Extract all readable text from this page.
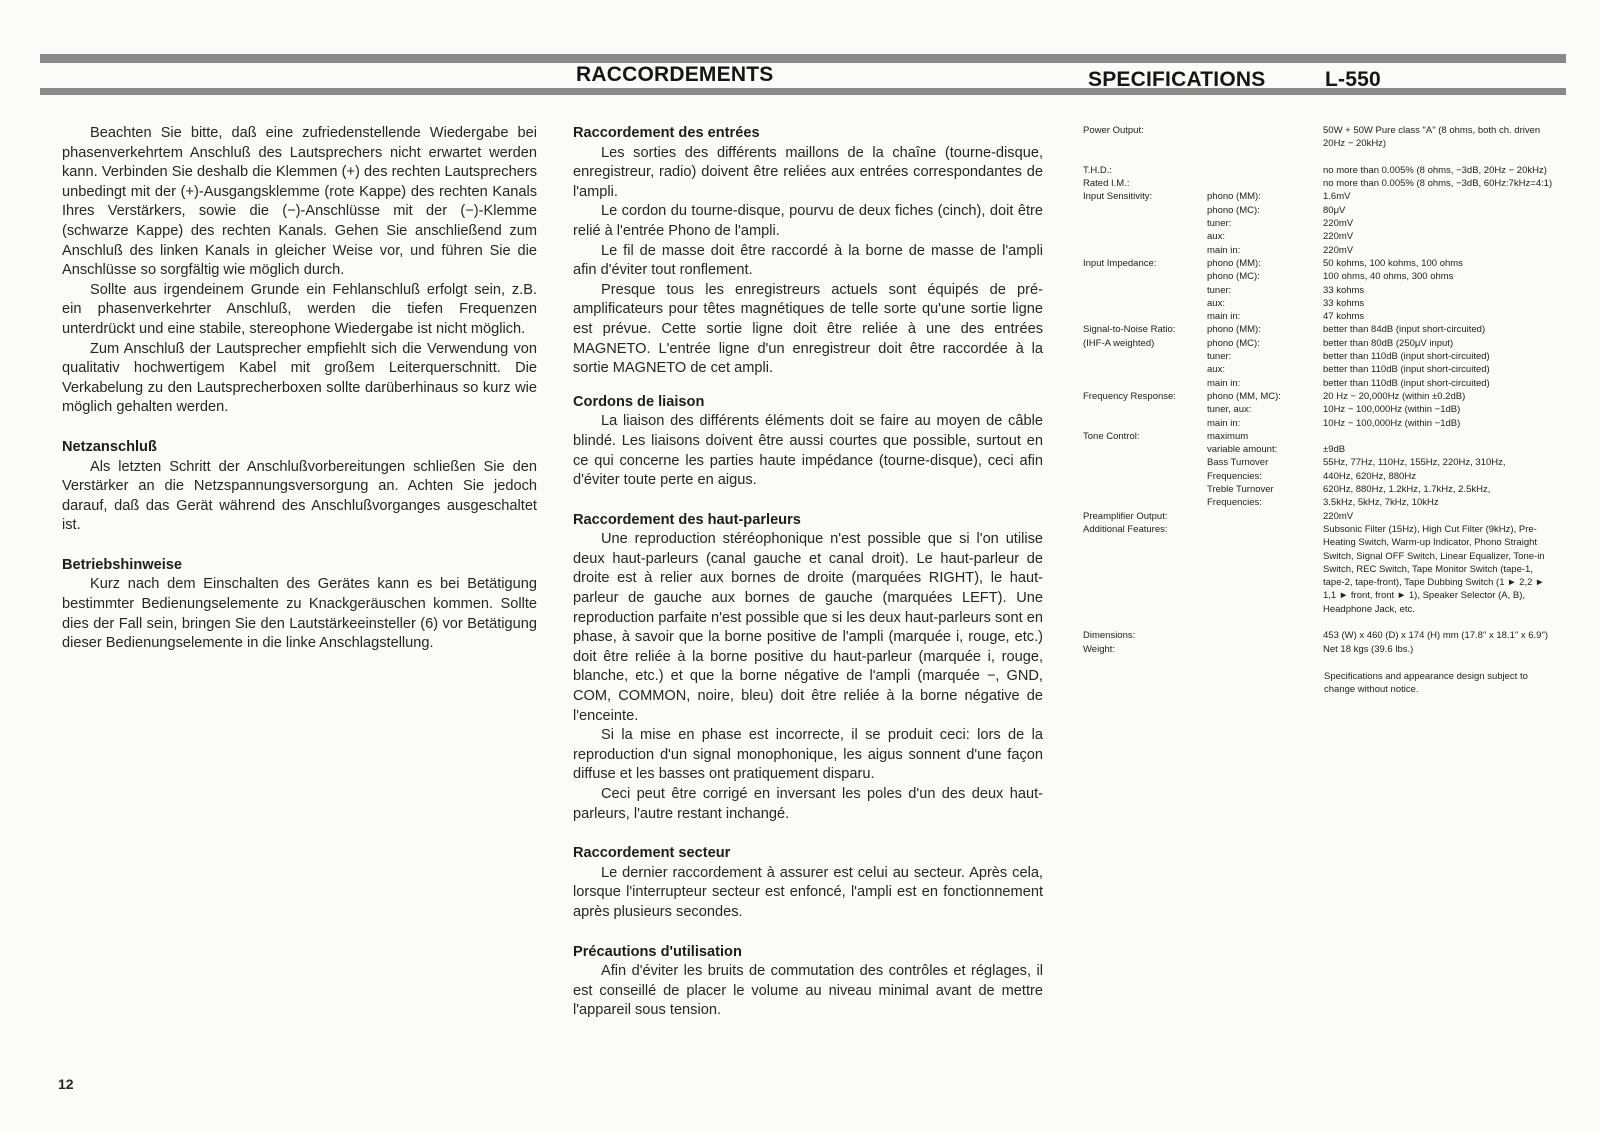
RACCORDEMENTS	SPECIFICATIONS	L-550

Beachten Sie bitte, daß eine zufriedenstellende Wiedergabe bei phasenverkehrtem Anschluß des Lautsprechers nicht erwartet werden kann. Verbinden Sie deshalb die Klemmen (+) des rechten Lautsprechers unbedingt mit der (+)-Ausgangsklemme (rote Kappe) des rechten Kanals Ihres Verstärkers, sowie die (−)-Anschlüsse mit der (−)-Klemme (schwarze Kappe) des rechten Kanals. Gehen Sie anschließend zum Anschluß des linken Kanals in gleicher Weise vor, und führen Sie die Anschlüsse so sorgfältig wie möglich durch.

Sollte aus irgendeinem Grunde ein Fehlanschluß erfolgt sein, z.B. ein phasenverkehrter Anschluß, werden die tiefen Frequenzen unterdrückt und eine stabile, stereophone Wiedergabe ist nicht möglich.

Zum Anschluß der Lautsprecher empfiehlt sich die Verwendung von qualitativ hochwertigem Kabel mit großem Leiterquerschnitt. Die Verkabelung zu den Lautsprecherboxen sollte darüberhinaus so kurz wie möglich gehalten werden.

Netzanschluß

Als letzten Schritt der Anschlußvorbereitungen schließen Sie den Verstärker an die Netzspannungsversorgung an. Achten Sie jedoch darauf, daß das Gerät während des Anschlußvorganges ausgeschaltet ist.

Betriebshinweise

Kurz nach dem Einschalten des Gerätes kann es bei Betätigung bestimmter Bedienungselemente zu Knackgeräuschen kommen. Sollte dies der Fall sein, bringen Sie den Lautstärkeeinsteller (6) vor Betätigung dieser Bedienungselemente in die linke Anschlagstellung.

Raccordement des entrées

Les sorties des différents maillons de la chaîne (tourne-disque, enregistreur, radio) doivent être reliées aux entrées correspondantes de l'ampli.

Le cordon du tourne-disque, pourvu de deux fiches (cinch), doit être relié à l'entrée Phono de l'ampli.

Le fil de masse doit être raccordé à la borne de masse de l'ampli afin d'éviter tout ronflement.

Presque tous les enregistreurs actuels sont équipés de pré-amplificateurs pour têtes magnétiques de telle sorte qu'une sortie ligne est prévue. Cette sortie ligne doit être reliée à une des entrées MAGNETO. L'entrée ligne d'un enregistreur doit être raccordée à la sortie MAGNETO de cet ampli.

Cordons de liaison

La liaison des différents éléments doit se faire au moyen de câble blindé. Les liaisons doivent être aussi courtes que possible, surtout en ce qui concerne les parties haute impédance (tourne-disque), ceci afin d'éviter toute perte en aigus.

Raccordement des haut-parleurs

Une reproduction stéréophonique n'est possible que si l'on utilise deux haut-parleurs (canal gauche et canal droit). Le haut-parleur de droite est à relier aux bornes de droite (marquées RIGHT), le haut-parleur de gauche aux bornes de gauche (marquées LEFT). Une reproduction parfaite n'est possible que si les deux haut-parleurs sont en phase, à savoir que la borne positive de l'ampli (marquée i, rouge, etc.) doit être reliée à la borne positive du haut-parleur (marquée i, rouge, blanche, etc.) et que la borne négative de l'ampli (marquée −, GND, COM, COMMON, noire, bleu) doit être reliée à la borne négative de l'enceinte.

Si la mise en phase est incorrecte, il se produit ceci: lors de la reproduction d'un signal monophonique, les aigus sonnent d'une façon diffuse et les basses ont pratiquement disparu.

Ceci peut être corrigé en inversant les poles d'un des deux haut-parleurs, l'autre restant inchangé.

Raccordement secteur

Le dernier raccordement à assurer est celui au secteur. Après cela, lorsque l'interrupteur secteur est enfoncé, l'ampli est en fonctionnement après plusieurs secondes.

Précautions d'utilisation

Afin d'éviter les bruits de commutation des contrôles et réglages, il est conseillé de placer le volume au niveau minimal avant de mettre l'appareil sous tension.

Power Output:
	50W + 50W Pure class "A" (8 ohms, both ch. driven 20Hz − 20kHz)

T.H.D.:
	no more than 0.005% (8 ohms, −3dB, 20Hz − 20kHz)
Rated I.M.:
	no more than 0.005% (8 ohms, −3dB, 60Hz:7kHz=4:1)
Input Sensitivity:	phono (MM):	1.6mV

phono (MC):	80μV

tuner:	220mV

aux:	220mV

main in:	220mV
Input Impedance:	phono (MM):	50 kohms, 100 kohms, 100 ohms

phono (MC):	100 ohms, 40 ohms, 300 ohms

tuner:	33 kohms

aux:	33 kohms

main in:	47 kohms
Signal-to-Noise Ratio:	phono (MM):	better than 84dB (input short-circuited)
(IHF-A weighted)	phono (MC):	better than 80dB (250μV input)

tuner:	better than 110dB (input short-circuited)

aux:	better than 110dB (input short-circuited)

main in:	better than 110dB (input short-circuited)
Frequency Response:	phono (MM, MC):	20 Hz − 20,000Hz (within ±0.2dB)

tuner, aux:	10Hz − 100,000Hz (within −1dB)

main in:	10Hz − 100,000Hz (within −1dB)
Tone Control:	maximum

variable amount:	±9dB

Bass Turnover	55Hz, 77Hz, 110Hz, 155Hz, 220Hz, 310Hz,

Frequencies:	440Hz, 620Hz, 880Hz

Treble Turnover	620Hz, 880Hz, 1.2kHz, 1.7kHz, 2.5kHz,

Frequencies:	3.5kHz, 5kHz, 7kHz, 10kHz
Preamplifier Output:
	220mV
Additional Features:
	Subsonic Filter (15Hz), High Cut Filter (9kHz), Pre-Heating Switch, Warm-up Indicator, Phono Straight Switch, Signal OFF Switch, Linear Equalizer, Tone-in Switch, REC Switch, Tape Monitor Switch (tape-1, tape-2, tape-front), Tape Dubbing Switch (1 ► 2,2 ► 1,1 ► front, front ► 1), Speaker Selector (A, B), Headphone Jack, etc.

Dimensions:
	453 (W) x 460 (D) x 174 (H) mm (17.8" x 18.1" x 6.9")
Weight:
	Net 18 kgs (39.6 lbs.)
Specifications and appearance design subject to change without notice.
12
